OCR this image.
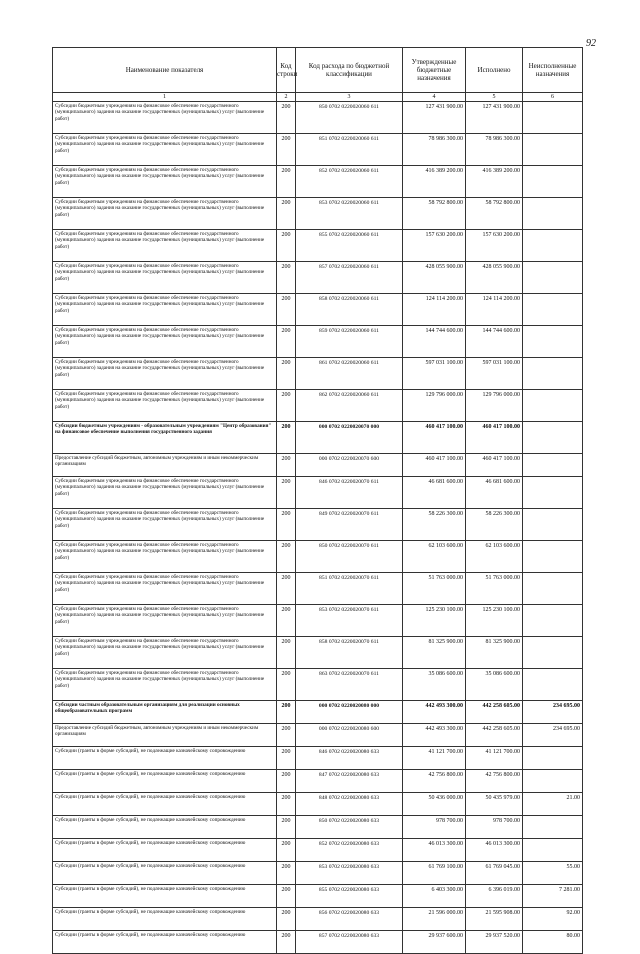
92
Наименование показателя	Код строки	Код расхода по бюджетной классификации	Утвержденные бюджетные назначения	Исполнено	Неисполненные назначения
1	2	3	4	5	6
Субсидии бюджетным учреждениям на финансовое обеспечение государственного (муниципального) задания на оказание государственных (муниципальных) услуг (выполнение работ)	200	850 0702 0220020060 611	127 431 900.00	127 431 900.00	
Субсидии бюджетным учреждениям на финансовое обеспечение государственного (муниципального) задания на оказание государственных (муниципальных) услуг (выполнение работ)	200	851 0702 0220020060 611	78 986 300.00	78 986 300.00	
Субсидии бюджетным учреждениям на финансовое обеспечение государственного (муниципального) задания на оказание государственных (муниципальных) услуг (выполнение работ)	200	852 0702 0220020060 611	416 389 200.00	416 389 200.00	
Субсидии бюджетным учреждениям на финансовое обеспечение государственного (муниципального) задания на оказание государственных (муниципальных) услуг (выполнение работ)	200	853 0702 0220020060 611	58 792 800.00	58 792 800.00	
Субсидии бюджетным учреждениям на финансовое обеспечение государственного (муниципального) задания на оказание государственных (муниципальных) услуг (выполнение работ)	200	855 0702 0220020060 611	157 630 200.00	157 630 200.00	
Субсидии бюджетным учреждениям на финансовое обеспечение государственного (муниципального) задания на оказание государственных (муниципальных) услуг (выполнение работ)	200	857 0702 0220020060 611	428 055 900.00	428 055 900.00	
Субсидии бюджетным учреждениям на финансовое обеспечение государственного (муниципального) задания на оказание государственных (муниципальных) услуг (выполнение работ)	200	858 0702 0220020060 611	124 114 200.00	124 114 200.00	
Субсидии бюджетным учреждениям на финансовое обеспечение государственного (муниципального) задания на оказание государственных (муниципальных) услуг (выполнение работ)	200	859 0702 0220020060 611	144 744 600.00	144 744 600.00	
Субсидии бюджетным учреждениям на финансовое обеспечение государственного (муниципального) задания на оказание государственных (муниципальных) услуг (выполнение работ)	200	861 0702 0220020060 611	597 031 100.00	597 031 100.00	
Субсидии бюджетным учреждениям на финансовое обеспечение государственного (муниципального) задания на оказание государственных (муниципальных) услуг (выполнение работ)	200	862 0702 0220020060 611	129 796 000.00	129 796 000.00	
Субсидии бюджетным учреждениям - образовательным учреждениям "Центр образования" на финансовое обеспечение выполнения государственного задания	200	000 0702 0220020070 000	460 417 100.00	460 417 100.00	
Предоставление субсидий бюджетным, автономным учреждениям и иным некоммерческим организациям	200	000 0702 0220020070 600	460 417 100.00	460 417 100.00	
Субсидии бюджетным учреждениям на финансовое обеспечение государственного (муниципального) задания на оказание государственных (муниципальных) услуг (выполнение работ)	200	846 0702 0220020070 611	46 681 600.00	46 681 600.00	
Субсидии бюджетным учреждениям на финансовое обеспечение государственного (муниципального) задания на оказание государственных (муниципальных) услуг (выполнение работ)	200	849 0702 0220020070 611	58 226 300.00	58 226 300.00	
Субсидии бюджетным учреждениям на финансовое обеспечение государственного (муниципального) задания на оказание государственных (муниципальных) услуг (выполнение работ)	200	850 0702 0220020070 611	62 103 600.00	62 103 600.00	
Субсидии бюджетным учреждениям на финансовое обеспечение государственного (муниципального) задания на оказание государственных (муниципальных) услуг (выполнение работ)	200	851 0702 0220020070 611	51 763 000.00	51 763 000.00	
Субсидии бюджетным учреждениям на финансовое обеспечение государственного (муниципального) задания на оказание государственных (муниципальных) услуг (выполнение работ)	200	853 0702 0220020070 611	125 230 100.00	125 230 100.00	
Субсидии бюджетным учреждениям на финансовое обеспечение государственного (муниципального) задания на оказание государственных (муниципальных) услуг (выполнение работ)	200	858 0702 0220020070 611	81 325 900.00	81 325 900.00	
Субсидии бюджетным учреждениям на финансовое обеспечение государственного (муниципального) задания на оказание государственных (муниципальных) услуг (выполнение работ)	200	863 0702 0220020070 611	35 086 600.00	35 086 600.00	
Субсидии частным образовательным организациям для реализации основных общеобразовательных программ	200	000 0702 0220020080 000	442 493 300.00	442 258 605.00	234 695.00
Предоставление субсидий бюджетным, автономным учреждениям и иным некоммерческим организациям	200	000 0702 0220020080 600	442 493 300.00	442 258 605.00	234 695.00
Субсидии (гранты в форме субсидий), не подлежащие казначейскому сопровождению	200	846 0702 0220020080 633	41 121 700.00	41 121 700.00	
Субсидии (гранты в форме субсидий), не подлежащие казначейскому сопровождению	200	847 0702 0220020080 633	42 756 800.00	42 756 800.00	
Субсидии (гранты в форме субсидий), не подлежащие казначейскому сопровождению	200	848 0702 0220020080 633	50 436 000.00	50 435 979.00	21.00
Субсидии (гранты в форме субсидий), не подлежащие казначейскому сопровождению	200	850 0702 0220020080 633	978 700.00	978 700.00	
Субсидии (гранты в форме субсидий), не подлежащие казначейскому сопровождению	200	852 0702 0220020080 633	46 013 300.00	46 013 300.00	
Субсидии (гранты в форме субсидий), не подлежащие казначейскому сопровождению	200	853 0702 0220020080 633	61 769 100.00	61 769 045.00	55.00
Субсидии (гранты в форме субсидий), не подлежащие казначейскому сопровождению	200	855 0702 0220020080 633	6 403 300.00	6 396 019.00	7 281.00
Субсидии (гранты в форме субсидий), не подлежащие казначейскому сопровождению	200	856 0702 0220020080 633	21 596 000.00	21 595 908.00	92.00
Субсидии (гранты в форме субсидий), не подлежащие казначейскому сопровождению	200	857 0702 0220020080 633	29 937 600.00	29 937 520.00	80.00
